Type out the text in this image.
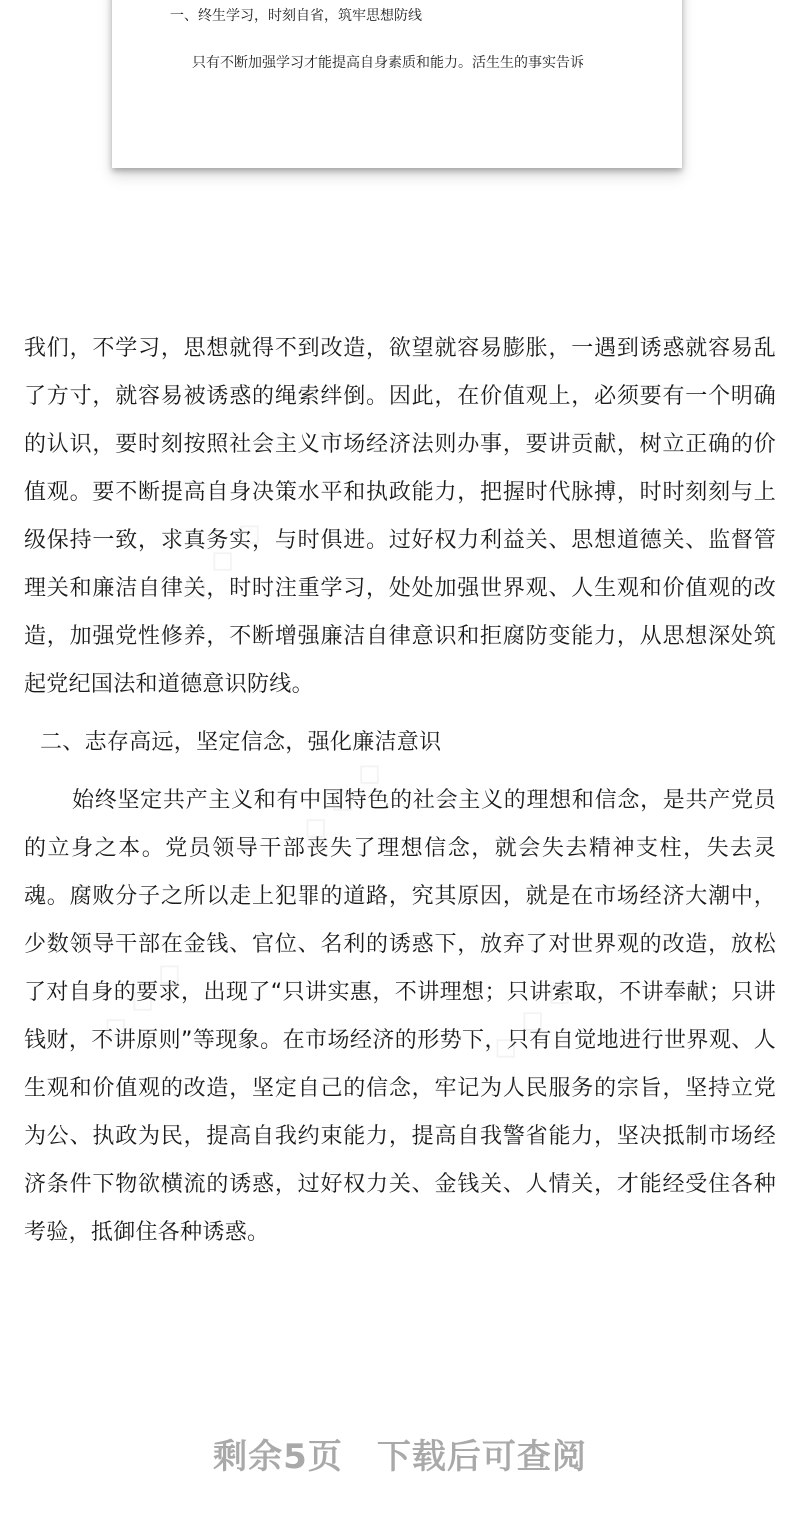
一、终生学习，时刻自省，筑牢思想防线
只有不断加强学习才能提高自身素质和能力。活生生的事实告诉

我们，不学习，思想就得不到改造，欲望就容易膨胀，一遇到诱惑就容易乱了方寸，就容易被诱惑的绳索绊倒。因此，在价值观上，必须要有一个明确的认识，要时刻按照社会主义市场经济法则办事，要讲贡献，树立正确的价值观。要不断提高自身决策水平和执政能力，把握时代脉搏，时时刻刻与上级保持一致，求真务实，与时俱进。过好权力利益关、思想道德关、监督管理关和廉洁自律关，时时注重学习，处处加强世界观、人生观和价值观的改造，加强党性修养，不断增强廉洁自律意识和拒腐防变能力，从思想深处筑起党纪国法和道德意识防线。

二、志存高远，坚定信念，强化廉洁意识

始终坚定共产主义和有中国特色的社会主义的理想和信念，是共产党员的立身之本。党员领导干部丧失了理想信念，就会失去精神支柱，失去灵魂。腐败分子之所以走上犯罪的道路，究其原因，就是在市场经济大潮中，少数领导干部在金钱、官位、名利的诱惑下，放弃了对世界观的改造，放松了对自身的要求，出现了“只讲实惠，不讲理想；只讲索取，不讲奉献；只讲钱财，不讲原则”等现象。在市场经济的形势下，只有自觉地进行世界观、人生观和价值观的改造，坚定自己的信念，牢记为人民服务的宗旨，坚持立党为公、执政为民，提高自我约束能力，提高自我警省能力，坚决抵制市场经济条件下物欲横流的诱惑，过好权力关、金钱关、人情关，才能经受住各种考验，抵御住各种诱惑。

剩余5页 下载后可查阅
◇ ◇ ◇
◇ ◇ ◇
◇ ◇ ◇
◇ ◇ ◇
